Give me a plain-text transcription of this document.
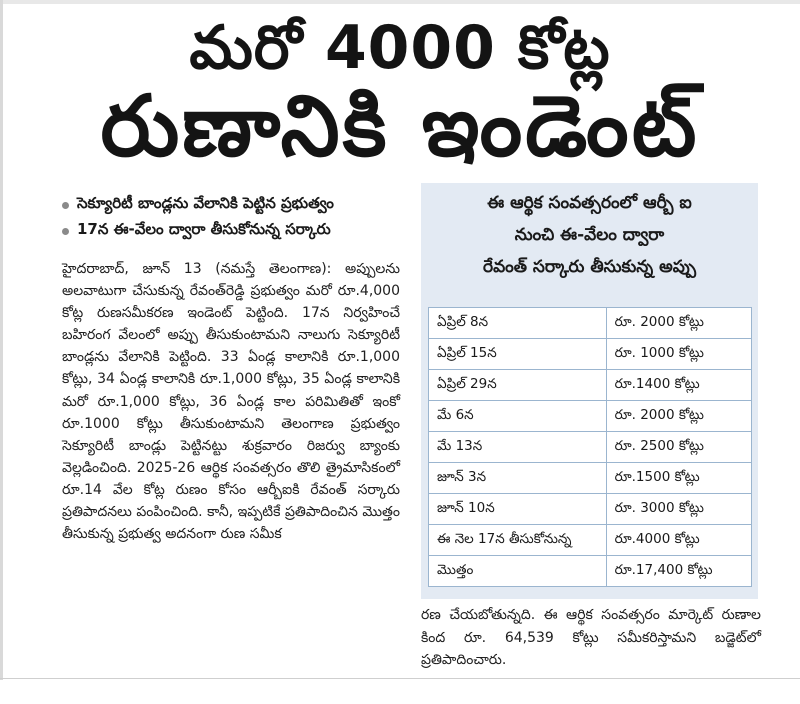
మరో 4000 కోట్ల
రుణానికి ఇండెంట్
సెక్యూరిటీ బాండ్లను వేలానికి పెట్టిన ప్రభుత్వం
17న ఈ-వేలం ద్వారా తీసుకోనున్న సర్కారు
హైదరాబాద్, జూన్ 13 (నమస్తే తెలంగాణ): అప్పులను అలవాటుగా చేసుకున్న రేవంత్‌రెడ్డి ప్రభుత్వం మరో రూ.4,000 కోట్ల రుణసమీకరణ ఇండెంట్ పెట్టింది. 17న నిర్వహించే బహిరంగ వేలంలో అప్పు తీసుకుంటామని నాలుగు సెక్యూరిటీ బాండ్లను వేలానికి పెట్టింది. 33 ఏండ్ల కాలానికి రూ.1,000 కోట్లు, 34 ఏండ్ల కాలానికి రూ.1,000 కోట్లు, 35 ఏండ్ల కాలానికి మరో రూ.1,000 కోట్లు, 36 ఏండ్ల కాల పరిమితితో ఇంకో రూ.1000 కోట్లు తీసుకుంటామని తెలంగాణ ప్రభుత్వం సెక్యూరిటీ బాండ్లు పెట్టినట్టు శుక్రవారం రిజర్వు బ్యాంకు వెల్లడించింది. 2025-26 ఆర్థిక సంవత్సరం తొలి త్రైమాసికంలో రూ.14 వేల కోట్ల రుణం కోసం ఆర్బీఐకి రేవంత్ సర్కారు ప్రతిపాదనలు పంపించింది. కానీ, ఇప్పటికే ప్రతిపాదించిన మొత్తం తీసుకున్న ప్రభుత్వ అదనంగా రుణ సమీక
ఈ ఆర్థిక సంవత్సరంలో ఆర్బీ ఐ
నుంచి ఈ-వేలం ద్వారా
రేవంత్ సర్కారు తీసుకున్న అప్పు
ఏప్రిల్ 8న	రూ. 2000 కోట్లు
ఏప్రిల్ 15న	రూ. 1000 కోట్లు
ఏప్రిల్ 29న	రూ.1400 కోట్లు
మే 6న	రూ. 2000 కోట్లు
మే 13న	రూ. 2500 కోట్లు
జూన్ 3న	రూ.1500 కోట్లు
జూన్ 10న	రూ. 3000 కోట్లు
ఈ నెల 17న తీసుకోనున్న	రూ.4000 కోట్లు
మొత్తం	రూ.17,400 కోట్లు
రణ చేయబోతున్నది. ఈ ఆర్థిక సంవత్సరం మార్కెట్ రుణాల కింద రూ. 64,539 కోట్లు సమీకరిస్తామని బడ్జెట్‌లో ప్రతిపాదించారు.
